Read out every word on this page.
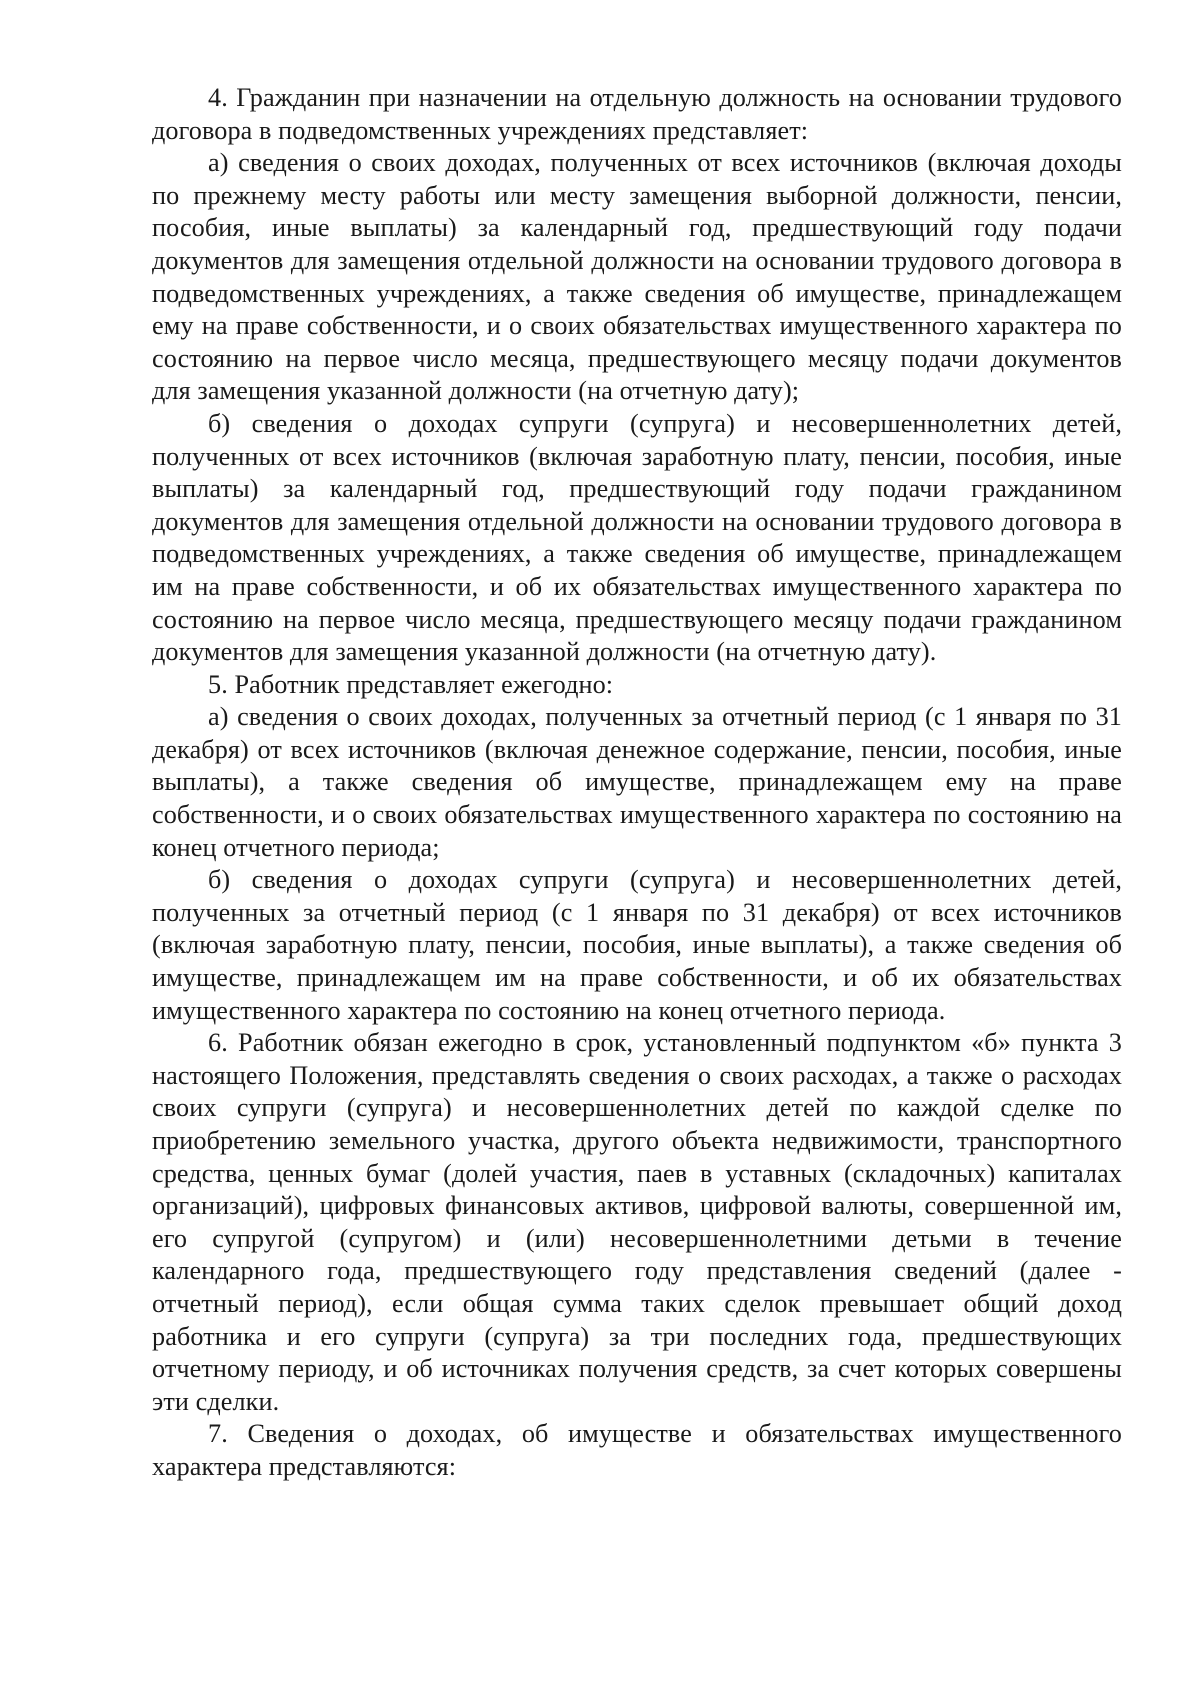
4. Гражданин при назначении на отдельную должность на основании трудового договора в подведомственных учреждениях представляет:

а) сведения о своих доходах, полученных от всех источников (включая доходы по прежнему месту работы или месту замещения выборной должности, пенсии, пособия, иные выплаты) за календарный год, предшествующий году подачи документов для замещения отдельной должности на основании трудового договора в подведомственных учреждениях, а также сведения об имуществе, принадлежащем ему на праве собственности, и о своих обязательствах имущественного характера по состоянию на первое число месяца, предшествующего месяцу подачи документов для замещения указанной должности (на отчетную дату);

б) сведения о доходах супруги (супруга) и несовершеннолетних детей, полученных от всех источников (включая заработную плату, пенсии, пособия, иные выплаты) за календарный год, предшествующий году подачи гражданином документов для замещения отдельной должности на основании трудового договора в подведомственных учреждениях, а также сведения об имуществе, принадлежащем им на праве собственности, и об их обязательствах имущественного характера по состоянию на первое число месяца, предшествующего месяцу подачи гражданином документов для замещения указанной должности (на отчетную дату).

5. Работник представляет ежегодно:

а) сведения о своих доходах, полученных за отчетный период (с 1 января по 31 декабря) от всех источников (включая денежное содержание, пенсии, пособия, иные выплаты), а также сведения об имуществе, принадлежащем ему на праве собственности, и о своих обязательствах имущественного характера по состоянию на конец отчетного периода;

б) сведения о доходах супруги (супруга) и несовершеннолетних детей, полученных за отчетный период (с 1 января по 31 декабря) от всех источников (включая заработную плату, пенсии, пособия, иные выплаты), а также сведения об имуществе, принадлежащем им на праве собственности, и об их обязательствах имущественного характера по состоянию на конец отчетного периода.

6. Работник обязан ежегодно в срок, установленный подпунктом «б» пункта 3 настоящего Положения, представлять сведения о своих расходах, а также о расходах своих супруги (супруга) и несовершеннолетних детей по каждой сделке по приобретению земельного участка, другого объекта недвижимости, транспортного средства, ценных бумаг (долей участия, паев в уставных (складочных) капиталах организаций), цифровых финансовых активов, цифровой валюты, совершенной им, его супругой (супругом) и (или) несовершеннолетними детьми в течение календарного года, предшествующего году представления сведений (далее - отчетный период), если общая сумма таких сделок превышает общий доход работника и его супруги (супруга) за три последних года, предшествующих отчетному периоду, и об источниках получения средств, за счет которых совершены эти сделки.

7. Сведения о доходах, об имуществе и обязательствах имущественного характера представляются:
